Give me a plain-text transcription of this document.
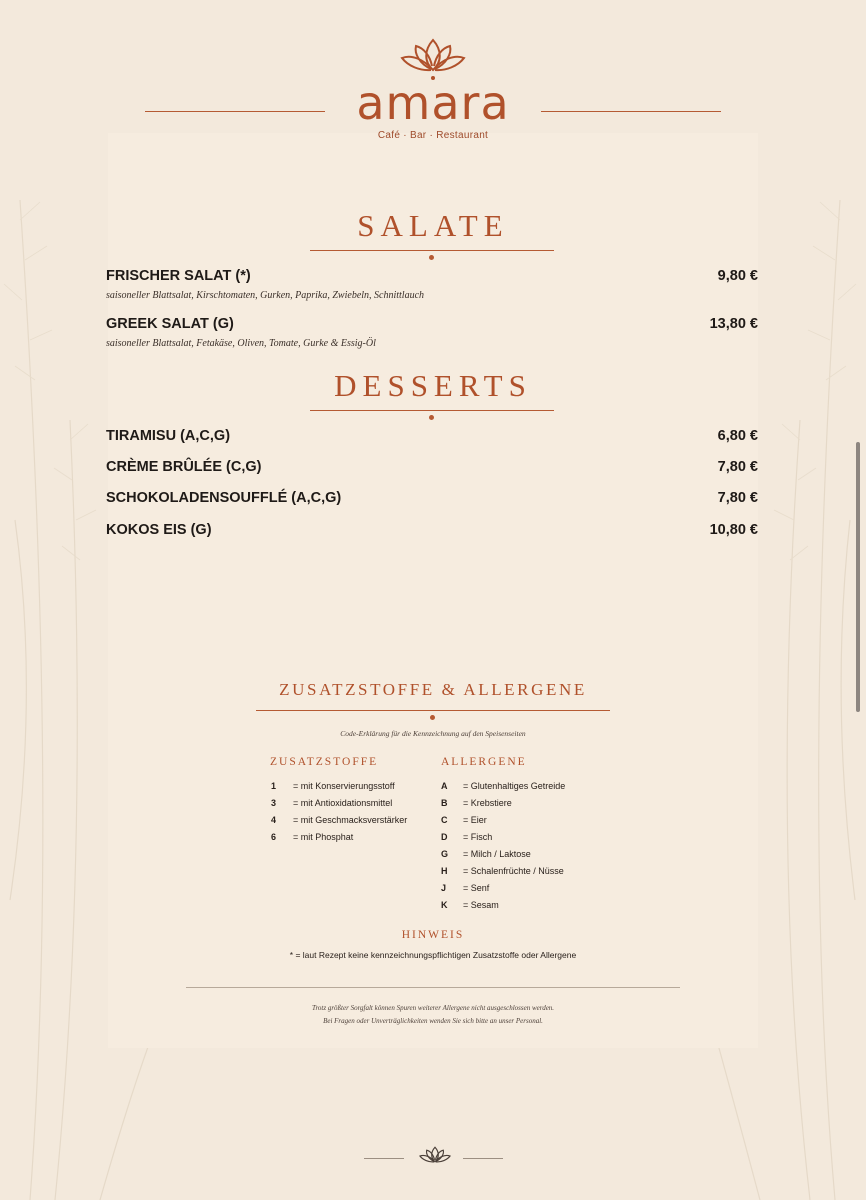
amara
Café · Bar · Restaurant
SALATE
FRISCHER SALAT (*)	9,80 €
saisoneller Blattsalat, Kirschtomaten, Gurken, Paprika, Zwiebeln, Schnittlauch
GREEK SALAT (G)	13,80 €
saisoneller Blattsalat, Fetakäse, Oliven, Tomate, Gurke & Essig-Öl
DESSERTS
TIRAMISU (A,C,G)	6,80 €
CRÈME BRÛLÉE (C,G)	7,80 €
SCHOKOLADENSOUFFLÉ (A,C,G)	7,80 €
KOKOS EIS (G)	10,80 €
ZUSATZSTOFFE & ALLERGENE
Code-Erklärung für die Kennzeichnung auf den Speisenseiten
ZUSATZSTOFFE	ALLERGENE
1 = mit Konservierungsstoff
3 = mit Antioxidationsmittel
4 = mit Geschmacksverstärker
6 = mit Phosphat
A = Glutenhaltiges Getreide
B = Krebstiere
C = Eier
D = Fisch
G = Milch / Laktose
H = Schalenfrüchte / Nüsse
J = Senf
K = Sesam
HINWEIS
* = laut Rezept keine kennzeichnungspflichtigen Zusatzstoffe oder Allergene
Trotz größter Sorgfalt können Spuren weiterer Allergene nicht ausgeschlossen werden.
Bei Fragen oder Unverträglichkeiten wenden Sie sich bitte an unser Personal.
